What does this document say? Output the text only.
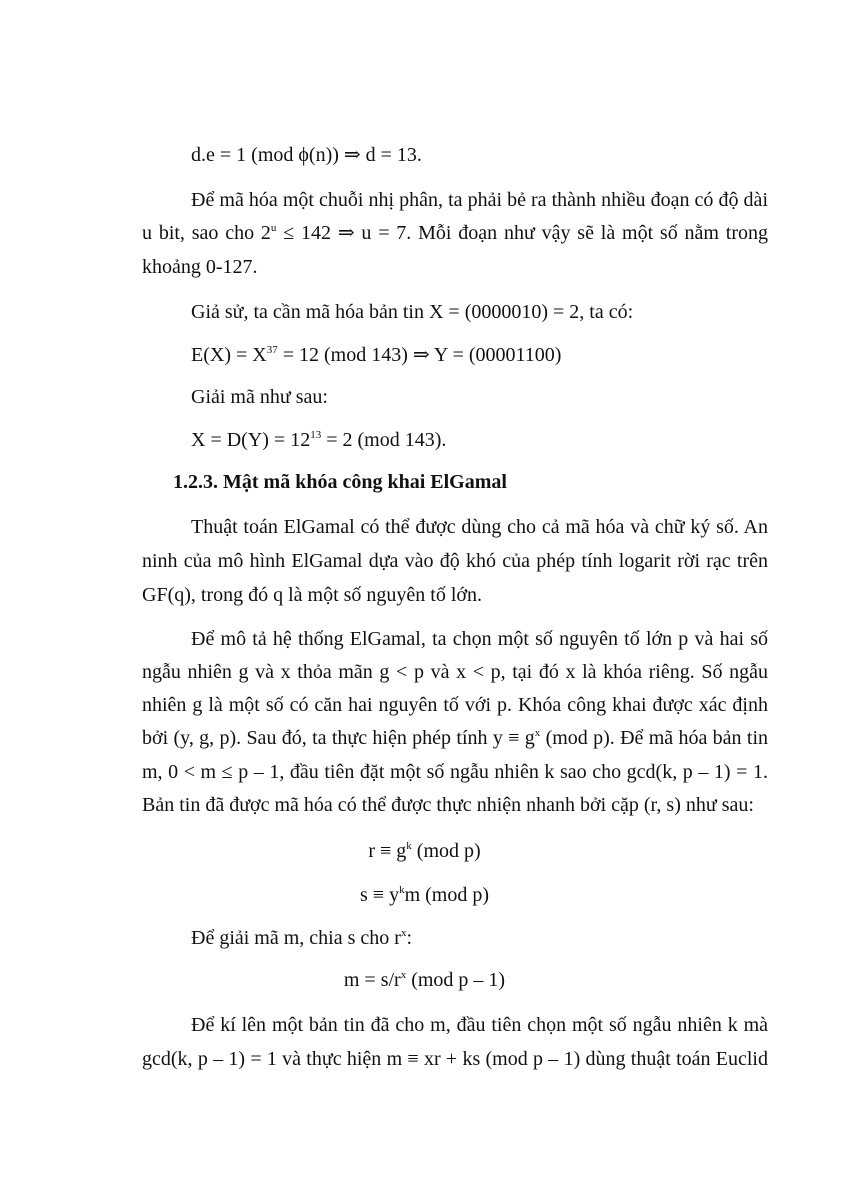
d.e = 1 (mod ϕ(n)) ⇒ d = 13.
Để mã hóa một chuỗi nhị phân, ta phải bẻ ra thành nhiều đoạn có độ dài
u bit, sao cho $2^u \le 142$ ⇒ u = 7. Mỗi đoạn như vậy sẽ là một số nằm trong
khoảng 0-127.
Giả sử, ta cần mã hóa bản tin X = (0000010) = 2, ta có:
$E(X) = X^{37} = 12$ (mod 143) ⇒ Y = (00001100)
Giải mã như sau:
$X = D(Y) = 12^{13} = 2$ (mod 143).
1.2.3. Mật mã khóa công khai ElGamal
Thuật toán ElGamal có thể được dùng cho cả mã hóa và chữ ký số. An
ninh của mô hình ElGamal dựa vào độ khó của phép tính logarit rời rạc trên
GF(q), trong đó q là một số nguyên tố lớn.
Để mô tả hệ thống ElGamal, ta chọn một số nguyên tố lớn p và hai số
ngẫu nhiên g và x thỏa mãn g < p và x < p, tại đó x là khóa riêng. Số ngẫu
nhiên g là một số có căn hai nguyên tố với p. Khóa công khai được xác định
bởi (y, g, p). Sau đó, ta thực hiện phép tính $y \equiv g^x$ (mod p). Để mã hóa bản tin
m, 0 < m ≤ p – 1, đầu tiên đặt một số ngẫu nhiên k sao cho gcd(k, p – 1) = 1.
Bản tin đã được mã hóa có thể được thực nhiện nhanh bởi cặp (r, s) như sau:
$r \equiv g^k$ (mod p)
$s \equiv y^km$ (mod p)
Để giải mã m, chia s cho $r^x$:
$m = s/r^x$ (mod p – 1)
Để kí lên một bản tin đã cho m, đầu tiên chọn một số ngẫu nhiên k mà
gcd(k, p – 1) = 1 và thực hiện m ≡ xr + ks (mod p – 1) dùng thuật toán Euclid
